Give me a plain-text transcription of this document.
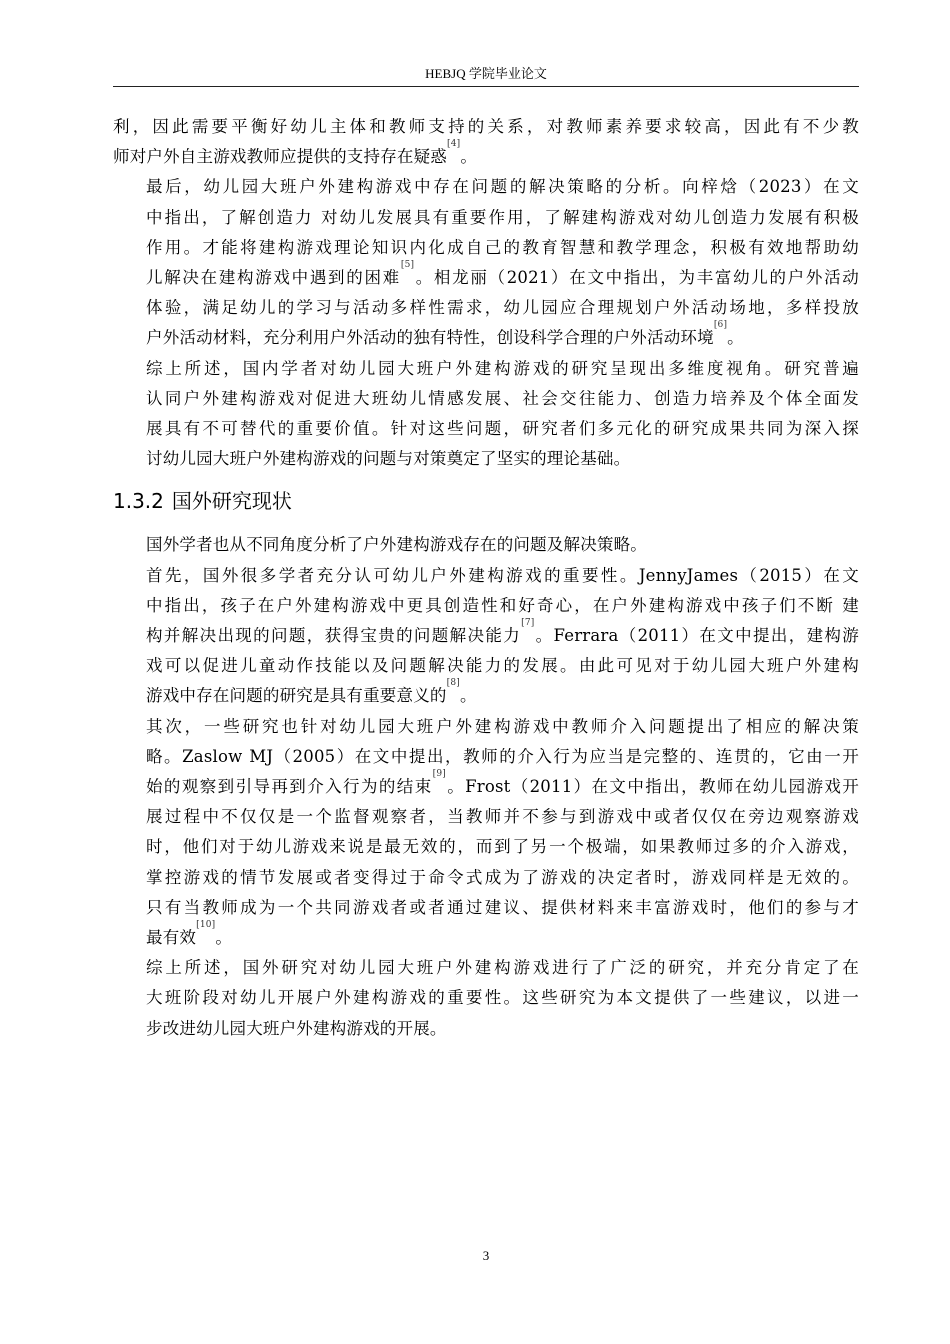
HEBJQ 学院毕业论文

利，因此需要平衡好幼儿主体和教师支持的关系，对教师素养要求较高，因此有不少教
师对户外自主游戏教师应提供的支持存在疑惑[4]。

最后，幼儿园大班户外建构游戏中存在问题的解决策略的分析。向梓焓（2023）在文
中指出，了解创造力 对幼儿发展具有重要作用，了解建构游戏对幼儿创造力发展有积极
作用。才能将建构游戏理论知识内化成自己的教育智慧和教学理念，积极有效地帮助幼
儿解决在建构游戏中遇到的困难[5]。相龙丽（2021）在文中指出，为丰富幼儿的户外活动
体验，满足幼儿的学习与活动多样性需求，幼儿园应合理规划户外活动场地，多样投放
户外活动材料，充分利用户外活动的独有特性，创设科学合理的户外活动环境[6]。

综上所述，国内学者对幼儿园大班户外建构游戏的研究呈现出多维度视角。研究普遍
认同户外建构游戏对促进大班幼儿情感发展、社会交往能力、创造力培养及个体全面发
展具有不可替代的重要价值。针对这些问题，研究者们多元化的研究成果共同为深入探
讨幼儿园大班户外建构游戏的问题与对策奠定了坚实的理论基础。

1.3.2 国外研究现状

国外学者也从不同角度分析了户外建构游戏存在的问题及解决策略。

首先，国外很多学者充分认可幼儿户外建构游戏的重要性。JennyJames（2015）在文
中指出，孩子在户外建构游戏中更具创造性和好奇心，在户外建构游戏中孩子们不断 建
构并解决出现的问题，获得宝贵的问题解决能力[7]。Ferrara（2011）在文中提出，建构游
戏可以促进儿童动作技能以及问题解决能力的发展。由此可见对于幼儿园大班户外建构
游戏中存在问题的研究是具有重要意义的[8]。

其次，一些研究也针对幼儿园大班户外建构游戏中教师介入问题提出了相应的解决策
略。Zaslow MJ（2005）在文中提出，教师的介入行为应当是完整的、连贯的，它由一开
始的观察到引导再到介入行为的结束[9]。Frost（2011）在文中指出，教师在幼儿园游戏开
展过程中不仅仅是一个监督观察者，当教师并不参与到游戏中或者仅仅在旁边观察游戏
时，他们对于幼儿游戏来说是最无效的，而到了另一个极端，如果教师过多的介入游戏，
掌控游戏的情节发展或者变得过于命令式成为了游戏的决定者时，游戏同样是无效的。
只有当教师成为一个共同游戏者或者通过建议、提供材料来丰富游戏时，他们的参与才
最有效[10]。

综上所述，国外研究对幼儿园大班户外建构游戏进行了广泛的研究，并充分肯定了在
大班阶段对幼儿开展户外建构游戏的重要性。这些研究为本文提供了一些建议，以进一
步改进幼儿园大班户外建构游戏的开展。

3
